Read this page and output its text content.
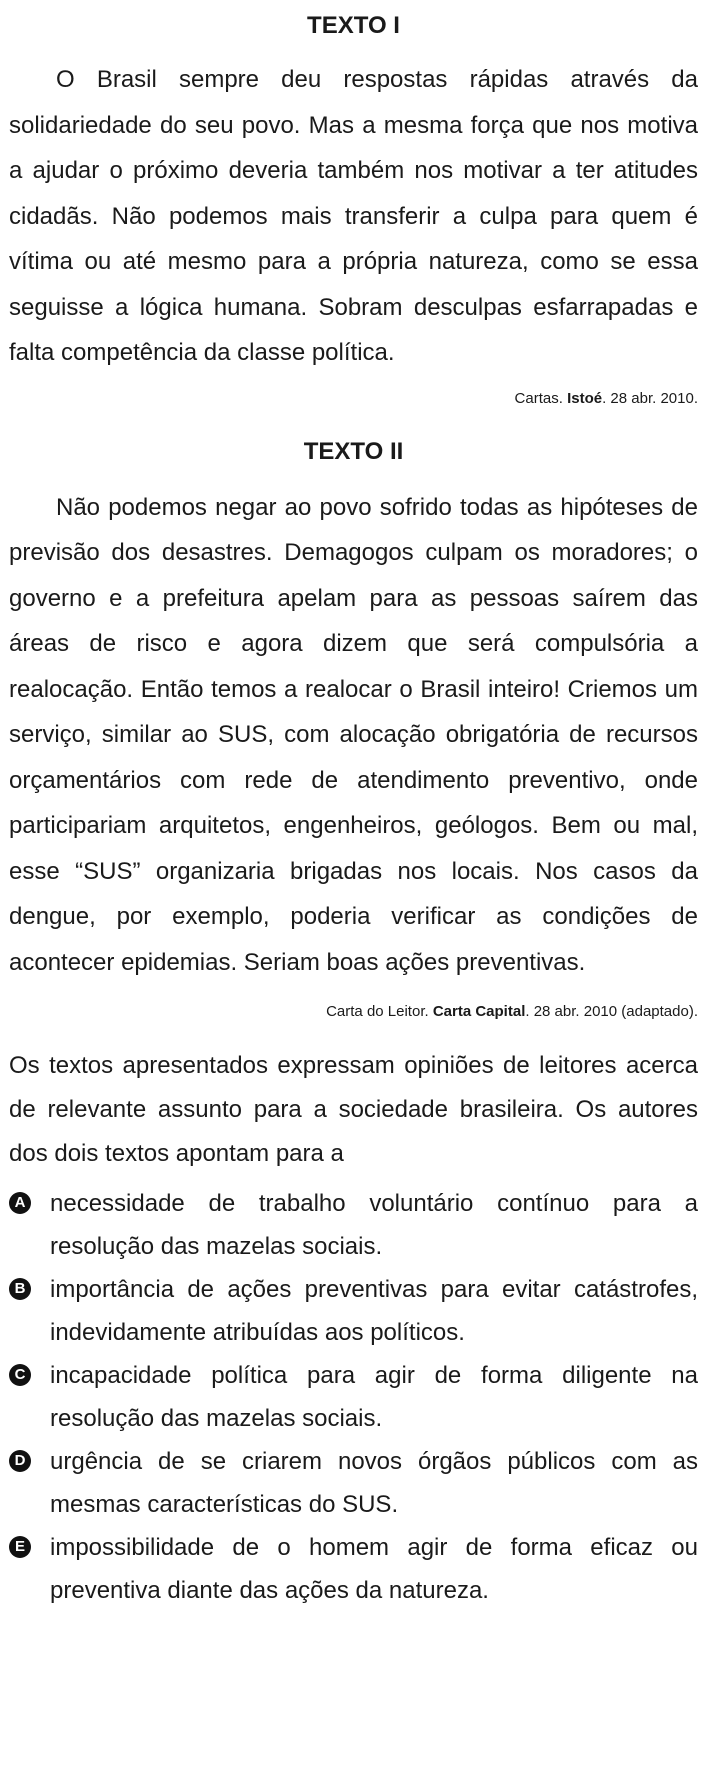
TEXTO I

O Brasil sempre deu respostas rápidas através da solidariedade do seu povo. Mas a mesma força que nos motiva a ajudar o próximo deveria também nos motivar a ter atitudes cidadãs. Não podemos mais transferir a culpa para quem é vítima ou até mesmo para a própria natureza, como se essa seguisse a lógica humana. Sobram desculpas esfarrapadas e falta competência da classe política.

Cartas. Istoé. 28 abr. 2010.

TEXTO II

Não podemos negar ao povo sofrido todas as hipóteses de previsão dos desastres. Demagogos culpam os moradores; o governo e a prefeitura apelam para as pessoas saírem das áreas de risco e agora dizem que será compulsória a realocação. Então temos a realocar o Brasil inteiro! Criemos um serviço, similar ao SUS, com alocação obrigatória de recursos orçamentários com rede de atendimento preventivo, onde participariam arquitetos, engenheiros, geólogos. Bem ou mal, esse “SUS” organizaria brigadas nos locais. Nos casos da dengue, por exemplo, poderia verificar as condições de acontecer epidemias. Seriam boas ações preventivas.

Carta do Leitor. Carta Capital. 28 abr. 2010 (adaptado).

Os textos apresentados expressam opiniões de leitores acerca de relevante assunto para a sociedade brasileira. Os autores dos dois textos apontam para a

A necessidade de trabalho voluntário contínuo para a resolução das mazelas sociais.
B importância de ações preventivas para evitar catástrofes, indevidamente atribuídas aos políticos.
C incapacidade política para agir de forma diligente na resolução das mazelas sociais.
D urgência de se criarem novos órgãos públicos com as mesmas características do SUS.
E impossibilidade de o homem agir de forma eficaz ou preventiva diante das ações da natureza.
